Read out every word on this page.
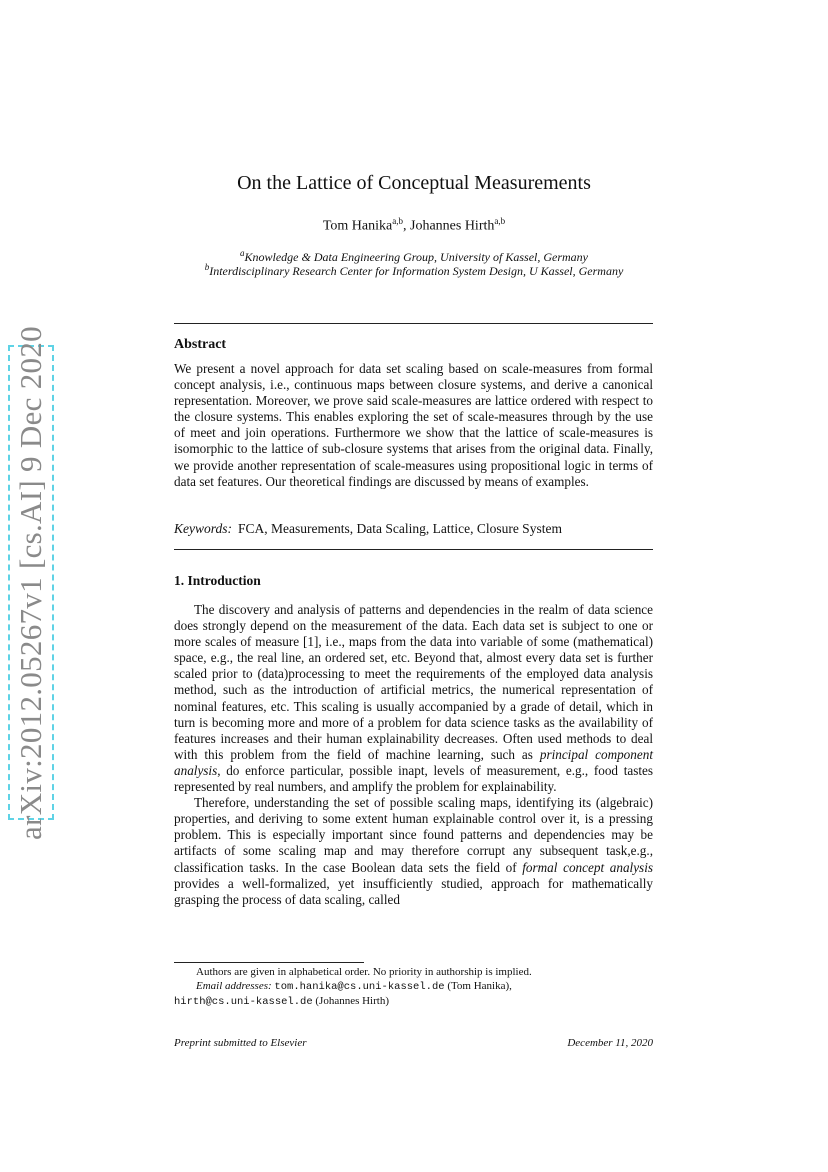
arXiv:2012.05267v1 [cs.AI] 9 Dec 2020
On the Lattice of Conceptual Measurements
Tom Hanika$^{a,b}$, Johannes Hirth$^{a,b}$
$^a$Knowledge & Data Engineering Group, University of Kassel, Germany
$^b$Interdisciplinary Research Center for Information System Design, U Kassel, Germany
Abstract
We present a novel approach for data set scaling based on scale-measures from formal concept analysis, i.e., continuous maps between closure systems, and derive a canonical representation. Moreover, we prove said scale-measures are lattice ordered with respect to the closure systems. This enables exploring the set of scale-measures through by the use of meet and join operations. Furthermore we show that the lattice of scale-measures is isomorphic to the lattice of sub-closure systems that arises from the original data. Finally, we provide another representation of scale-measures using propositional logic in terms of data set features. Our theoretical findings are discussed by means of examples.
Keywords: FCA, Measurements, Data Scaling, Lattice, Closure System
1. Introduction

The discovery and analysis of patterns and dependencies in the realm of data science does strongly depend on the measurement of the data. Each data set is subject to one or more scales of measure [1], i.e., maps from the data into variable of some (mathematical) space, e.g., the real line, an ordered set, etc. Beyond that, almost every data set is further scaled prior to (data)processing to meet the requirements of the employed data analysis method, such as the introduction of artificial metrics, the numerical representation of nominal features, etc. This scaling is usually accompanied by a grade of detail, which in turn is becoming more and more of a problem for data science tasks as the availability of features increases and their human explainability decreases. Often used methods to deal with this problem from the field of machine learning, such as principal component analysis, do enforce particular, possible inapt, levels of measurement, e.g., food tastes represented by real numbers, and amplify the problem for explainability.

Therefore, understanding the set of possible scaling maps, identifying its (algebraic) properties, and deriving to some extent human explainable control over it, is a pressing problem. This is especially important since found patterns and dependencies may be artifacts of some scaling map and may therefore corrupt any subsequent task,e.g., classification tasks. In the case Boolean data sets the field of formal concept analysis provides a well-formalized, yet insufficiently studied, approach for mathematically grasping the process of data scaling, called

Authors are given in alphabetical order. No priority in authorship is implied.
Email addresses: tom.hanika@cs.uni-kassel.de (Tom Hanika),
hirth@cs.uni-kassel.de (Johannes Hirth)
Preprint submitted to Elsevier	December 11, 2020
